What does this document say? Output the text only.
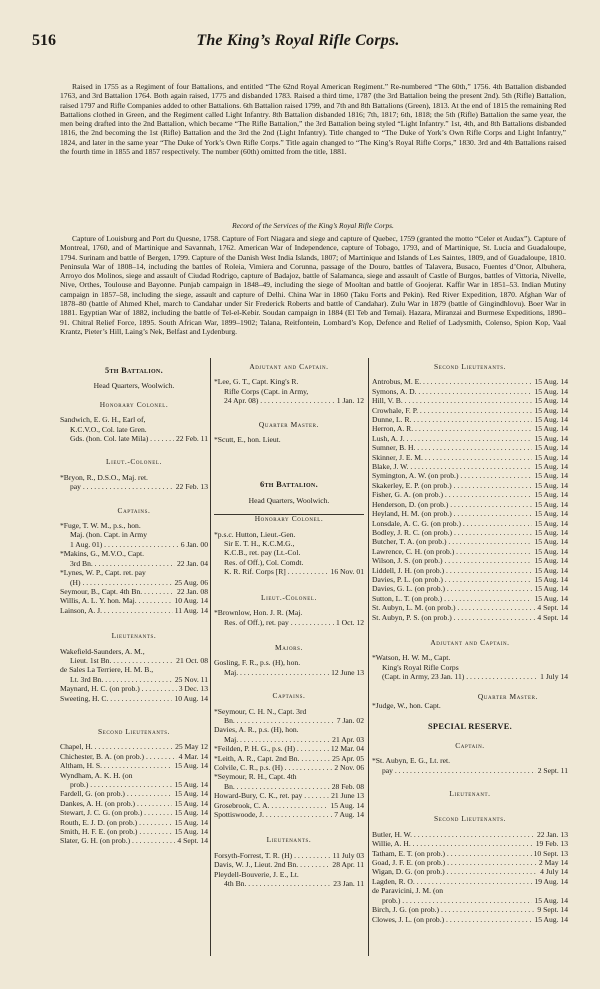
516	The King’s Royal Rifle Corps.

Raised in 1755 as a Regiment of four Battalions, and entitled “The 62nd Royal American Regiment.” Re-numbered “The 60th,” 1756. 4th Battalion disbanded 1763, and 3rd Battalion 1764. Both again raised, 1775 and disbanded 1783. Raised a third time, 1787 (the 3rd Battalion being the present 2nd). 5th (Rifle) Battalion, raised 1797 and Rifle Companies added to other Battalions. 6th Battalion raised 1799, and 7th and 8th Battalions (Green), 1813. At the end of 1815 the remaining Red Battalions clothed in Green, and the Regiment called Light Infantry. 8th Battalion disbanded 1816; 7th, 1817; 6th, 1818; the 5th (Rifle) Battalion the same year, the men being drafted into the 2nd Battalion, which became “The Rifle Battalion,” the 3rd Battalion being styled “Light Infantry.” 1st, 4th, and 8th Battalions disbanded 1816, the 2nd becoming the 1st (Rifle) Battalion and the 3rd the 2nd (Light Infantry). Title changed to “The Duke of York’s Own Rifle Corps and Light Infantry,” 1824, and later in the same year “The Duke of York’s Own Rifle Corps.” Title again changed to “The King’s Royal Rifle Corps,” 1830. 3rd and 4th Battalions raised the fourth time in 1855 and 1857 respectively. The number (60th) omitted from the title, 1881.

Record of the Services of the King’s Royal Rifle Corps.

Capture of Louisburg and Port du Quesne, 1758. Capture of Fort Niagara and siege and capture of Quebec, 1759 (granted the motto “Celer et Audax”). Capture of Montreal, 1760, and of Martinique and Savannah, 1762. American War of Independence, capture of Tobago, 1793, and of Martinique, St. Lucia and Guadaloupe, 1794. Surinam and battle of Bergen, 1799. Capture of the Danish West India Islands, 1807; of Martinique and Islands of Les Saintes, 1809, and of Guadaloupe, 1810. Peninsula War of 1808–14, including the battles of Roleia, Vimiera and Corunna, passage of the Douro, battles of Talavera, Busaco, Fuentes d’Onor, Albuhera, Arroyo dos Molinos, siege and assault of Ciudad Rodrigo, capture of Badajoz, battle of Salamanca, siege and assault of Castle of Burgos, battles of Vittoria, Nivelle, Nive, Orthes, Toulouse and Bayonne. Punjab campaign in 1848–49, including the siege of Mooltan and battle of Goojerat. Kaffir War in 1851–53. Indian Mutiny campaign in 1857–58, including the siege, assault and capture of Delhi. China War in 1860 (Taku Forts and Pekin). Red River Expedition, 1870. Afghan War of 1878–80 (battle of Ahmed Khel, march to Candahar under Sir Frederick Roberts and battle of Candahar). Zulu War in 1879 (battle of Gingindhlovu). Boer War in 1881. Egyptian War of 1882, including the battle of Tel-el-Kebir. Soudan campaign in 1884 (El Teb and Temai). Hazara, Miranzai and Burmese Expeditions, 1890–91. Chitral Relief Force, 1895. South African War, 1899–1902; Talana, Reitfontein, Lombard’s Kop, Defence and Relief of Ladysmith, Colenso, Spion Kop, Vaal Krantz, Pieter’s Hill, Laing’s Nek, Belfast and Lydenburg.

5th Battalion.
Head Quarters, Woolwich.
Honorary Colonel.
Sandwich, E. G. H., Earl of,
K.C.V.O., Col. late Gren.
Gds. (hon. Col. late Mila) . . .	22 Feb. 11
Lieut.-Colonel.
*Bryon, R., D.S.O., Maj. ret.
pay . . .	22 Feb. 13
Captains.
*Fuge, T. W. M., p.s., hon.
Maj. (hon. Capt. in Army
1 Aug. 01) . . .	6 Jan. 00
*Makins, G., M.V.O., Capt.
3rd Bn. . . .	22 Jan. 04
*Lynes, W. P., Capt. ret. pay
(H) . . .	25 Aug. 06
Seymour, B., Capt. 4th Bn. . . .	22 Jan. 08
Willis, A. L. Y. hon. Maj. . . .	10 Aug. 14
Lainson, A. J. . . .	11 Aug. 14
Lieutenants.
Wakefield-Saunders, A. M.,
Lieut. 1st Bn. . . .	21 Oct. 08
de Sales La Terriere, H. M. B.,
Lt. 3rd Bn. . . .	25 Nov. 11
Maynard, H. C. (on prob.) . . .	3 Dec. 13
Sweeting, H. C. . . .	10 Aug. 14
Second Lieutenants.
Chapel, H. . . .	25 May 12
Chichester, B. A. (on prob.) . . .	4 Mar. 14
Altham, H. S. . . .	15 Aug. 14
Wyndham, A. K. H. (on
prob.) . . .	15 Aug. 14
Fardell, G. (on prob.) . . .	15 Aug. 14
Dankes, A. H. (on prob.) . . .	15 Aug. 14
Stewart, J. C. G. (on prob.) . . .	15 Aug. 14
Routh, E. J. D. (on prob.) . . .	15 Aug. 14
Smith, H. F. E. (on prob.) . . .	15 Aug. 14
Slater, G. H. (on prob.) . . .	4 Sept. 14
Adjutant and Captain.
*Lee, G. T., Capt. King's R.
Rifle Corps (Capt. in Army,
24 Apr. 08) . . .	1 Jan. 12
Quarter Master.
*Scutt, E., hon. Lieut.
6th Battalion.
Head Quarters, Woolwich.
Honorary Colonel.
*p.s.c. Hutton, Lieut.-Gen.
Sir E. T. H., K.C.M.G.,
K.C.B., ret. pay (Lt.-Col.
Res. of Off.), Col. Comdt.
K. R. Rif. Corps [R] . . .	16 Nov. 01
Lieut.-Colonel.
*Brownlow, Hon. J. R. (Maj.
Res. of Off.), ret. pay . . .	1 Oct. 12
Majors.
Gosling, F. R., p.s. (H), hon.
Maj. . . .	12 June 13
Captains.
*Seymour, C. H. N., Capt. 3rd
Bn. . . .	7 Jan. 02
Davies, A. R., p.s. (H), hon.
Maj. . . .	21 Apr. 03
*Feilden, P. H. G., p.s. (H) . . .	12 Mar. 04
*Leith, A. R., Capt. 2nd Bn. . . .	25 Apr. 05
Colvile, C. R., p.s. (H) . . .	2 Nov. 06
*Seymour, R. H., Capt. 4th
Bn. . . .	28 Feb. 08
Howard-Bury, C. K., ret. pay . . .	21 June 13
Grosebrook, C. A. . . .	15 Aug. 14
Spottiswoode, J. . . .	7 Aug. 14
Lieutenants.
Forsyth-Forrest, T. R. (H) . . .	11 July 03
Davis, W. J., Lieut. 2nd Bn. . . .	28 Apr. 11
Pleydell-Bouverie, J. E., Lt.
4th Bn. . . .	23 Jan. 11
Second Lieutenants.
Antrobus, M. E. . . .	15 Aug. 14
Symons, A. D. . . .	15 Aug. 14
Hill, V. B. . . .	15 Aug. 14
Crowhale, F. P. . . .	15 Aug. 14
Dunne, L. R. . . .	15 Aug. 14
Herron, A. R. . . .	15 Aug. 14
Lush, A. J. . . .	15 Aug. 14
Sumner, B. H. . . .	15 Aug. 14
Skinner, J. E. M. . . .	15 Aug. 14
Blake, J. W. . . .	15 Aug. 14
Symington, A. W. (on prob.) . . .	15 Aug. 14
Skakerley, E. P. (on prob.) . . .	15 Aug. 14
Fisher, G. A. (on prob.) . . .	15 Aug. 14
Henderson, D. (on prob.) . . .	15 Aug. 14
Heyland, H. M. (on prob.) . . .	15 Aug. 14
Lonsdale, A. C. G. (on prob.) . . .	15 Aug. 14
Bodley, J. R. C. (on prob.) . . .	15 Aug. 14
Butcher, T. A. (on prob.) . . .	15 Aug. 14
Lawrence, C. H. (on prob.) . . .	15 Aug. 14
Wilson, J. S. (on prob.) . . .	15 Aug. 14
Liddell, J. H. (on prob.) . . .	15 Aug. 14
Davies, P. L. (on prob.) . . .	15 Aug. 14
Davies, G. L. (on prob.) . . .	15 Aug. 14
Sutton, L. T. (on prob.) . . .	15 Aug. 14
St. Aubyn, L. M. (on prob.) . . .	4 Sept. 14
St. Aubyn, P. S. (on prob.) . . .	4 Sept. 14
Adjutant and Captain.
*Watson, H. W. M., Capt.
King's Royal Rifle Corps
(Capt. in Army, 23 Jan. 11) . . .	1 July 14
Quarter Master.
*Judge, W., hon. Capt.
SPECIAL RESERVE.
Captain.
*St. Aubyn, E. G., Lt. ret.
pay . . .	2 Sept. 11
Lieutenant.
Second Lieutenants.
Butler, H. W. . . .	22 Jan. 13
Willie, A. H. . . .	19 Feb. 13
Tatham, E. T. (on prob.) . . .	10 Sept. 13
Goad, J. F. E. (on prob.) . . .	2 May 14
Wigan, D. G. (on prob.) . . .	4 July 14
Lagden, R. O. . . .	19 Aug. 14
de Paravicini, J. M. (on
prob.) . . .	15 Aug. 14
Birch, J. G. (on prob.) . . .	9 Sept. 14
Clowes, J. L. (on prob.) . . .	15 Aug. 14
